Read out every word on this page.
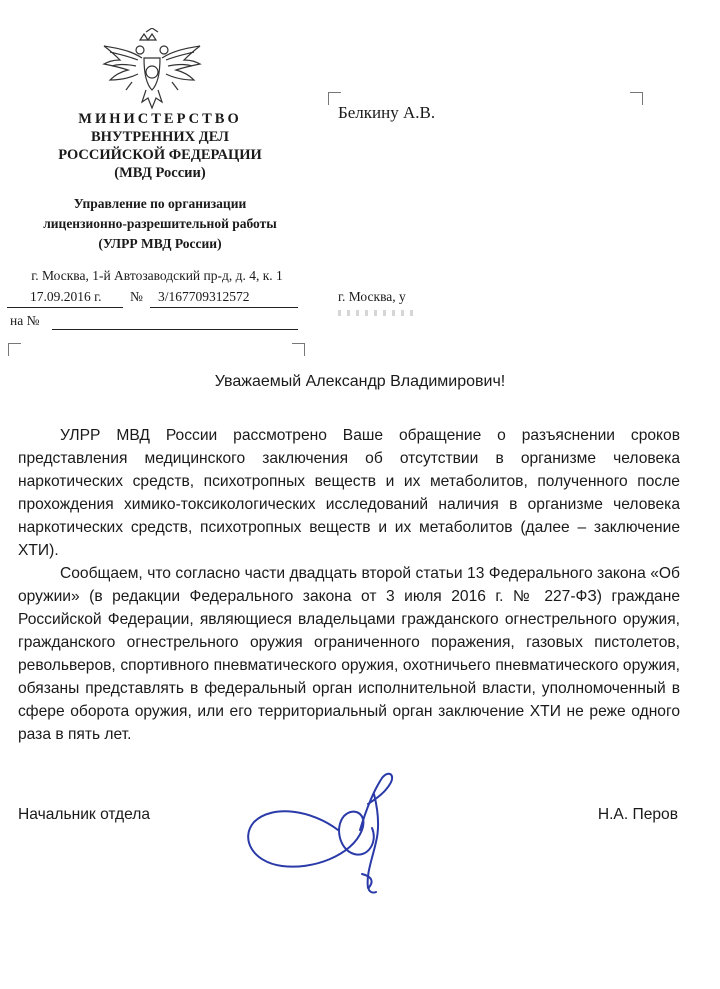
МИНИСТЕРСТВО
ВНУТРЕННИХ ДЕЛ
РОССИЙСКОЙ ФЕДЕРАЦИИ
(МВД России)
Управление по организации
лицензионно-разрешительной работы
(УЛРР МВД России)
г. Москва, 1-й Автозаводский пр-д, д. 4, к. 1
17.09.2016 г. № 3/167709312572
на №
Белкину А.В.
г. Москва, у
Уважаемый Александр Владимирович!

УЛРР МВД России рассмотрено Ваше обращение о разъяснении сроков представления медицинского заключения об отсутствии в организме человека наркотических средств, психотропных веществ и их метаболитов, полученного после прохождения химико-токсикологических исследований наличия в организме человека наркотических средств, психотропных веществ и их метаболитов (далее – заключение ХТИ).

Сообщаем, что согласно части двадцать второй статьи 13 Федерального закона «Об оружии» (в редакции Федерального закона от 3 июля 2016 г. № 227-ФЗ) граждане Российской Федерации, являющиеся владельцами гражданского огнестрельного оружия, гражданского огнестрельного оружия ограниченного поражения, газовых пистолетов, револьверов, спортивного пневматического оружия, охотничьего пневматического оружия, обязаны представлять в федеральный орган исполнительной власти, уполномоченный в сфере оборота оружия, или его территориальный орган заключение ХТИ не реже одного раза в пять лет.

Начальник отдела	Н.А. Перов
